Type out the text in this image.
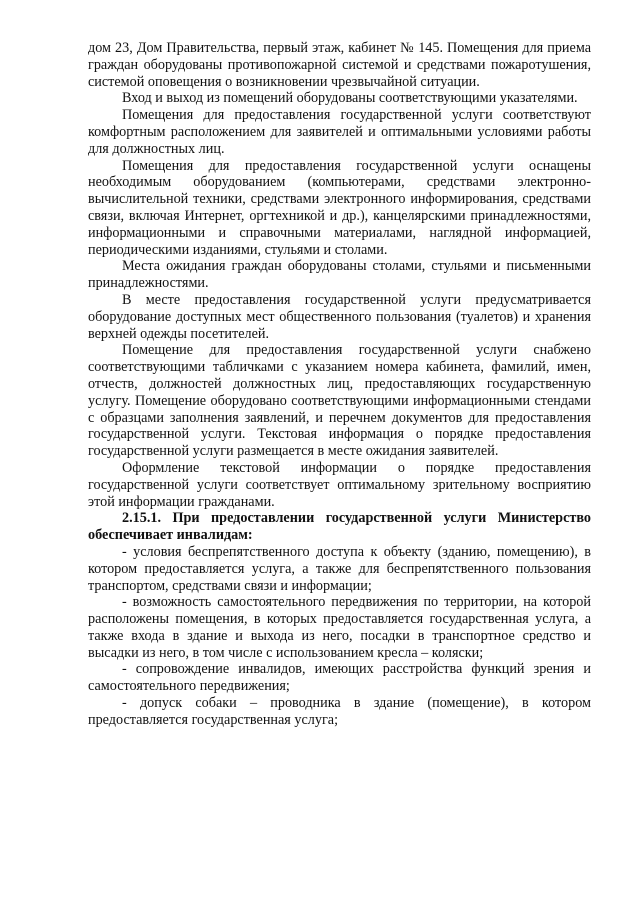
дом 23, Дом Правительства, первый этаж, кабинет № 145. Помещения для приема граждан оборудованы противопожарной системой и средствами пожаротушения, системой оповещения о возникновении чрезвычайной ситуации.

Вход и выход из помещений оборудованы соответствующими указателями.

Помещения для предоставления государственной услуги соответствуют комфортным расположением для заявителей и оптимальными условиями работы для должностных лиц.

Помещения для предоставления государственной услуги оснащены необходимым оборудованием (компьютерами, средствами электронно-вычислительной техники, средствами электронного информирования, средствами связи, включая Интернет, оргтехникой и др.), канцелярскими принадлежностями, информационными и справочными материалами, наглядной информацией, периодическими изданиями, стульями и столами.

Места ожидания граждан оборудованы столами, стульями и письменными принадлежностями.

В месте предоставления государственной услуги предусматривается оборудование доступных мест общественного пользования (туалетов) и хранения верхней одежды посетителей.

Помещение для предоставления государственной услуги снабжено соответствующими табличками с указанием номера кабинета, фамилий, имен, отчеств, должностей должностных лиц, предоставляющих государственную услугу. Помещение оборудовано соответствующими информационными стендами с образцами заполнения заявлений, и перечнем документов для предоставления государственной услуги. Текстовая информация о порядке предоставления государственной услуги размещается в месте ожидания заявителей.

Оформление текстовой информации о порядке предоставления государственной услуги соответствует оптимальному зрительному восприятию этой информации гражданами.

2.15.1. При предоставлении государственной услуги Министерство обеспечивает инвалидам:

- условия беспрепятственного доступа к объекту (зданию, помещению), в котором предоставляется услуга, а также для беспрепятственного пользования транспортом, средствами связи и информации;

- возможность самостоятельного передвижения по территории, на которой расположены помещения, в которых предоставляется государственная услуга, а также входа в здание и выхода из него, посадки в транспортное средство и высадки из него, в том числе с использованием кресла – коляски;

- сопровождение инвалидов, имеющих расстройства функций зрения и самостоятельного передвижения;

- допуск собаки – проводника в здание (помещение), в котором предоставляется государственная услуга;
